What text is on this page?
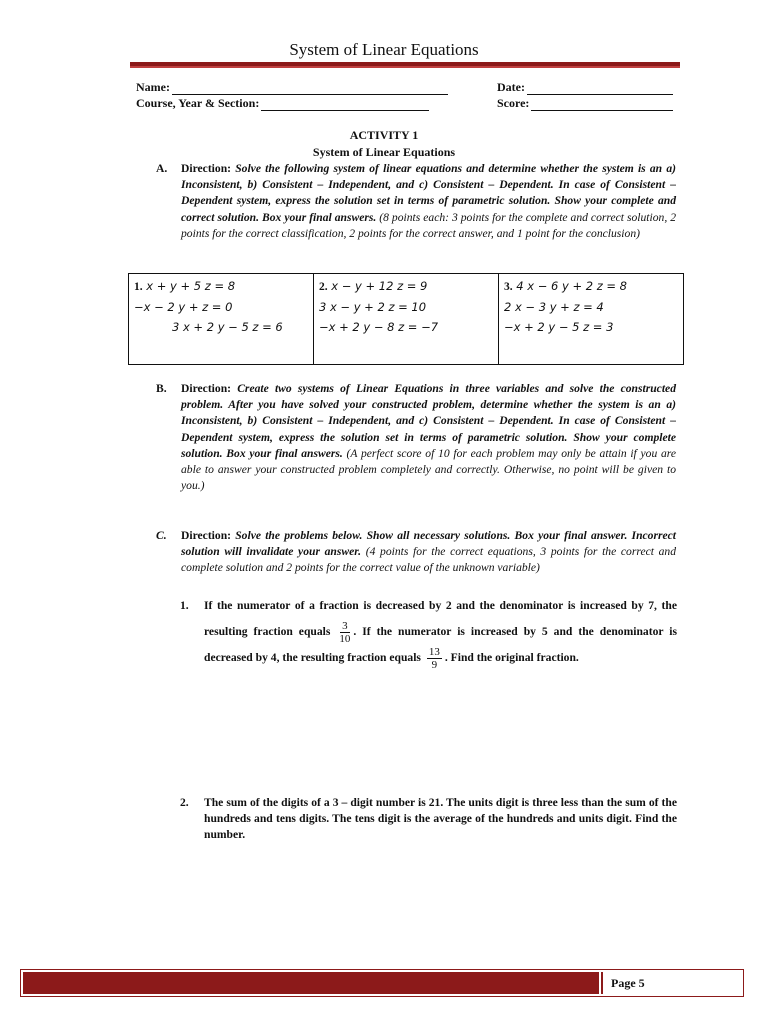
System of Linear Equations
Name:	Date:
Course, Year & Section:	Score:
ACTIVITY 1
System of Linear Equations
A. Direction: Solve the following system of linear equations and determine whether the system is an a) Inconsistent, b) Consistent – Independent, and c) Consistent – Dependent. In case of Consistent – Dependent system, express the solution set in terms of parametric solution. Show your complete and correct solution. Box your final answers. (8 points each: 3 points for the complete and correct solution, 2 points for the correct classification, 2 points for the correct answer, and 1 point for the conclusion)
1. x + y + 5 z = 8
−x − 2 y + z = 0
3 x + 2 y − 5 z = 6
2. x − y + 12 z = 9
3 x − y + 2 z = 10
−x + 2 y − 8 z = −7
3. 4 x − 6 y + 2 z = 8
2 x − 3 y + z = 4
−x + 2 y − 5 z = 3
B. Direction: Create two systems of Linear Equations in three variables and solve the constructed problem. After you have solved your constructed problem, determine whether the system is an a) Inconsistent, b) Consistent – Independent, and c) Consistent – Dependent. In case of Consistent – Dependent system, express the solution set in terms of parametric solution. Show your complete solution. Box your final answers. (A perfect score of 10 for each problem may only be attain if you are able to answer your constructed problem completely and correctly. Otherwise, no point will be given to you.)
C. Direction: Solve the problems below. Show all necessary solutions. Box your final answer. Incorrect solution will invalidate your answer. (4 points for the correct equations, 3 points for the correct and complete solution and 2 points for the correct value of the unknown variable)
1. If the numerator of a fraction is decreased by 2 and the denominator is increased by 7, the resulting fraction equals $\frac{3}{10}$ . If the numerator is increased by 5 and the denominator is decreased by 4, the resulting fraction equals $\frac{13}{9}$ . Find the original fraction.
2. The sum of the digits of a 3 – digit number is 21. The units digit is three less than the sum of the hundreds and tens digits. The tens digit is the average of the hundreds and units digit. Find the number.
Page 5
